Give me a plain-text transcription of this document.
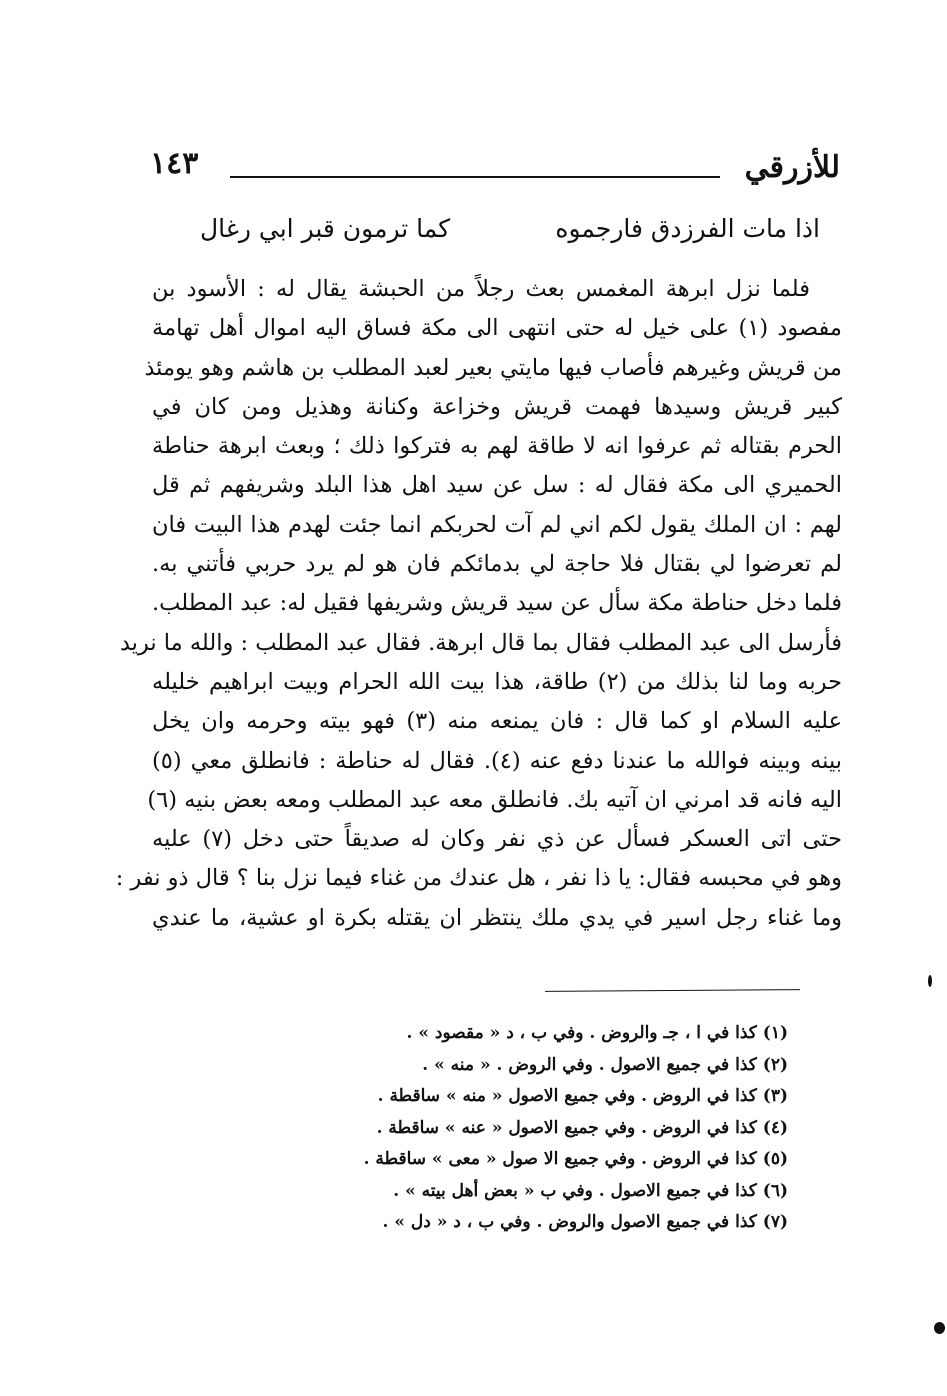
للأزرقي
١٤٣
اذا مات الفرزدق فارجموه
كما ترمون قبر ابي رغال
فلما نزل ابرهة المغمس بعث رجلاً من الحبشة يقال له : الأسود بن
مفصود (١) على خيل له حتى انتهى الى مكة فساق اليه اموال أهل تهامة
من قريش وغيرهم فأصاب فيها مايتي بعير لعبد المطلب بن هاشم وهو يومئذ
كبير قريش وسيدها فهمت قريش وخزاعة وكنانة وهذيل ومن كان في
الحرم بقتاله ثم عرفوا انه لا طاقة لهم به فتركوا ذلك ؛ وبعث ابرهة حناطة
الحميري الى مكة فقال له : سل عن سيد اهل هذا البلد وشريفهم ثم قل
لهم : ان الملك يقول لكم اني لم آت لحربكم انما جئت لهدم هذا البيت فان
لم تعرضوا لي بقتال فلا حاجة لي بدمائكم فان هو لم يرد حربي فأتني به.
فلما دخل حناطة مكة سأل عن سيد قريش وشريفها فقيل له: عبد المطلب.
فأرسل الى عبد المطلب فقال بما قال ابرهة. فقال عبد المطلب : والله ما نريد
حربه وما لنا بذلك من (٢) طاقة، هذا بيت الله الحرام وبيت ابراهيم خليله
عليه السلام او كما قال : فان يمنعه منه (٣) فهو بيته وحرمه وان يخل
بينه وبينه فوالله ما عندنا دفع عنه (٤). فقال له حناطة : فانطلق معي (٥)
اليه فانه قد امرني ان آتيه بك. فانطلق معه عبد المطلب ومعه بعض بنيه (٦)
حتى اتى العسكر فسأل عن ذي نفر وكان له صديقاً حتى دخل (٧) عليه
وهو في محبسه فقال: يا ذا نفر ، هل عندك من غناء فيما نزل بنا ؟ قال ذو نفر :
وما غناء رجل اسير في يدي ملك ينتظر ان يقتله بكرة او عشية، ما عندي
(١) كذا في ا ، جـ والروض . وفي ب ، د « مقصود » .
(٢) كذا في جميع الاصول . وفي الروض . « منه » .
(٣) كذا في الروض . وفي جميع الاصول « منه » ساقطة .
(٤) كذا في الروض . وفي جميع الاصول « عنه » ساقطة .
(٥) كذا في الروض . وفي جميع الا صول « معى » ساقطة .
(٦) كذا في جميع الاصول . وفي ب « بعض أهل بيته » .
(٧) كذا في جميع الاصول والروض . وفي ب ، د « دل » .
